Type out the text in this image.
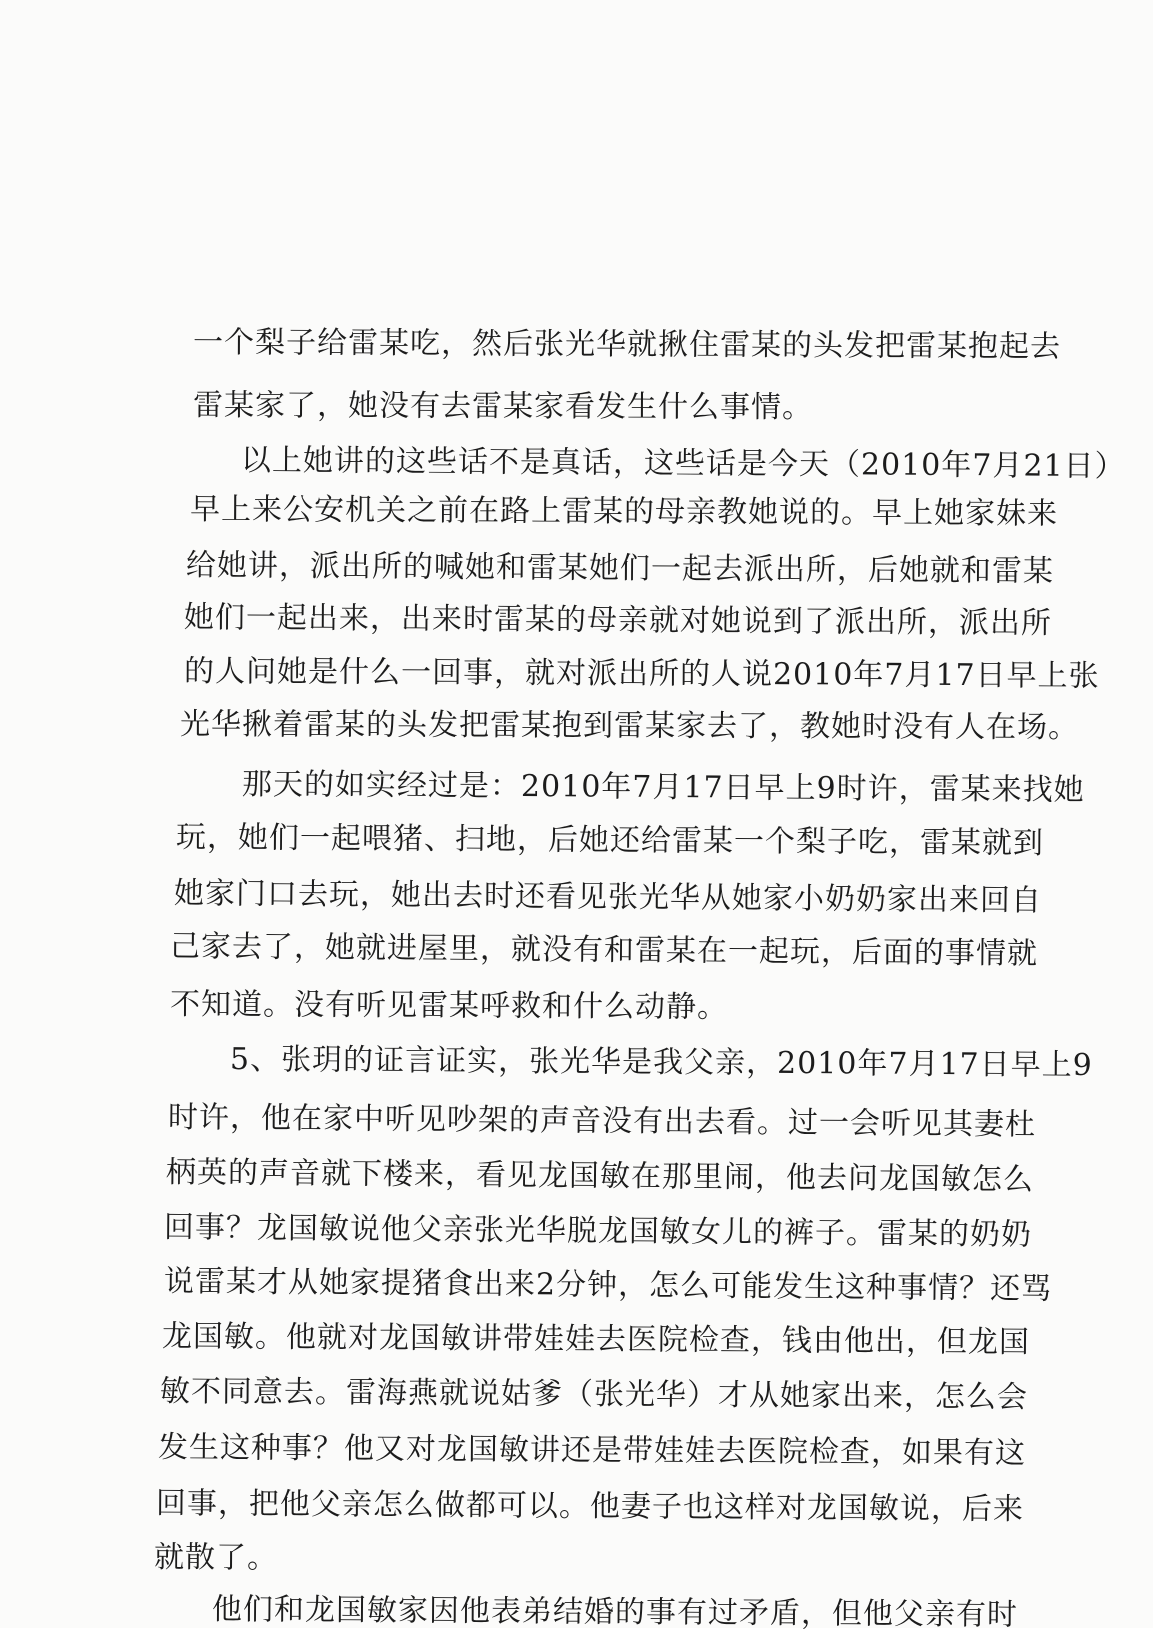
一个梨子给雷某吃，然后张光华就揪住雷某的头发把雷某抱起去
雷某家了，她没有去雷某家看发生什么事情。
以上她讲的这些话不是真话，这些话是今天（2010年7月21日）
早上来公安机关之前在路上雷某的母亲教她说的。早上她家妹来
给她讲，派出所的喊她和雷某她们一起去派出所，后她就和雷某
她们一起出来，出来时雷某的母亲就对她说到了派出所，派出所
的人问她是什么一回事，就对派出所的人说2010年7月17日早上张
光华揪着雷某的头发把雷某抱到雷某家去了，教她时没有人在场。
那天的如实经过是：2010年7月17日早上9时许，雷某来找她
玩，她们一起喂猪、扫地，后她还给雷某一个梨子吃，雷某就到
她家门口去玩，她出去时还看见张光华从她家小奶奶家出来回自
己家去了，她就进屋里，就没有和雷某在一起玩，后面的事情就
不知道。没有听见雷某呼救和什么动静。
5、张玥的证言证实，张光华是我父亲，2010年7月17日早上9
时许，他在家中听见吵架的声音没有出去看。过一会听见其妻杜
柄英的声音就下楼来，看见龙国敏在那里闹，他去问龙国敏怎么
回事？龙国敏说他父亲张光华脱龙国敏女儿的裤子。雷某的奶奶
说雷某才从她家提猪食出来2分钟，怎么可能发生这种事情？还骂
龙国敏。他就对龙国敏讲带娃娃去医院检查，钱由他出，但龙国
敏不同意去。雷海燕就说姑爹（张光华）才从她家出来，怎么会
发生这种事？他又对龙国敏讲还是带娃娃去医院检查，如果有这
回事，把他父亲怎么做都可以。他妻子也这样对龙国敏说，后来
就散了。
他们和龙国敏家因他表弟结婚的事有过矛盾，但他父亲有时
